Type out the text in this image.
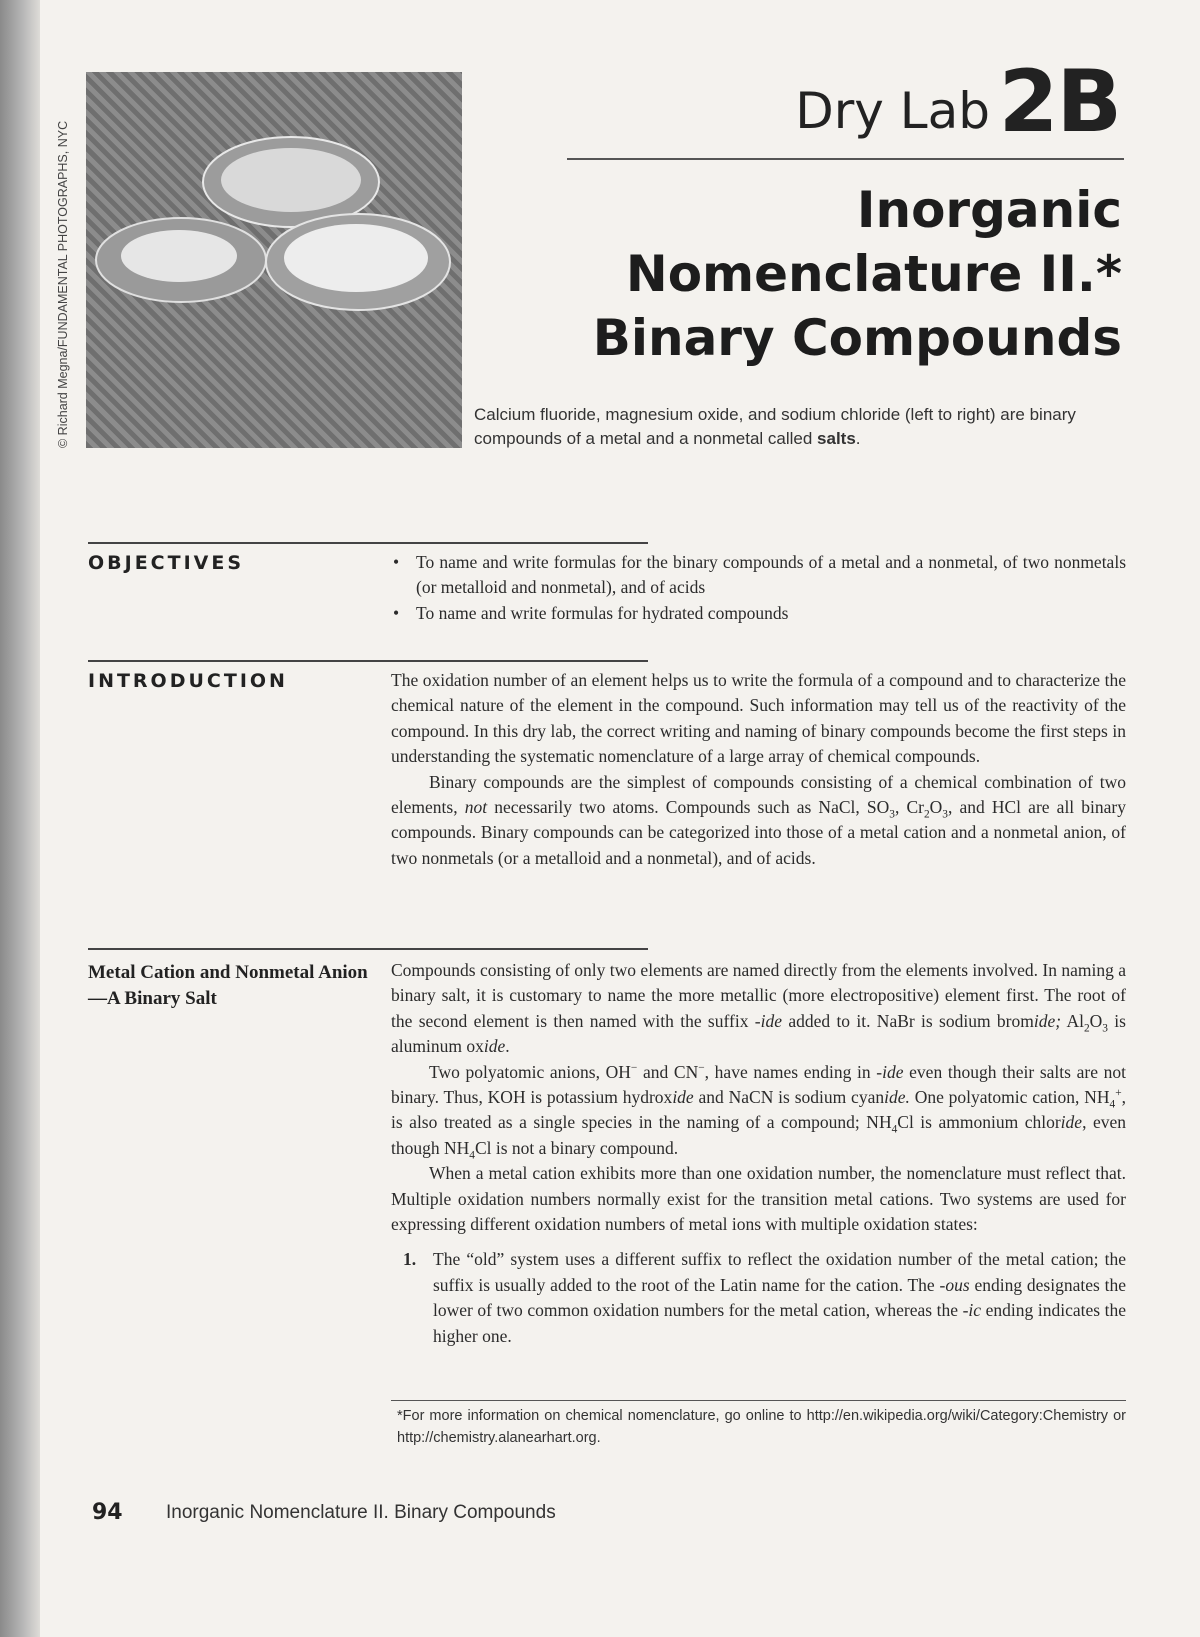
© Richard Megna/FUNDAMENTAL PHOTOGRAPHS, NYC
Dry Lab 2B
Inorganic
Nomenclature II.*
Binary Compounds
Calcium fluoride, magnesium oxide, and sodium chloride (left to right) are binary compounds of a metal and a nonmetal called salts.
OBJECTIVES	• To name and write formulas for the binary compounds of a metal and a nonmetal, of two nonmetals (or metalloid and nonmetal), and of acids
• To name and write formulas for hydrated compounds
INTRODUCTION	The oxidation number of an element helps us to write the formula of a compound and to characterize the chemical nature of the element in the compound. Such information may tell us of the reactivity of the compound. In this dry lab, the correct writing and naming of binary compounds become the first steps in understanding the systematic nomenclature of a large array of chemical compounds.

Binary compounds are the simplest of compounds consisting of a chemical combination of two elements, not necessarily two atoms. Compounds such as NaCl, $SO_3$, $Cr_2O_3$, and HCl are all binary compounds. Binary compounds can be categorized into those of a metal cation and a nonmetal anion, of two nonmetals (or a metalloid and a nonmetal), and of acids.

Metal Cation and Nonmetal Anion—A Binary Salt

Compounds consisting of only two elements are named directly from the elements involved. In naming a binary salt, it is customary to name the more metallic (more electropositive) element first. The root of the second element is then named with the suffix -ide added to it. NaBr is sodium bromide; $Al_2O_3$ is aluminum oxide.

Two polyatomic anions, OH− and CN−, have names ending in -ide even though their salts are not binary. Thus, KOH is potassium hydroxide and NaCN is sodium cyanide. One polyatomic cation, $NH_4^+$, is also treated as a single species in the naming of a compound; $NH_4Cl$ is ammonium chloride, even though $NH_4Cl$ is not a binary compound.

When a metal cation exhibits more than one oxidation number, the nomenclature must reflect that. Multiple oxidation numbers normally exist for the transition metal cations. Two systems are used for expressing different oxidation numbers of metal ions with multiple oxidation states:

1. The “old” system uses a different suffix to reflect the oxidation number of the metal cation; the suffix is usually added to the root of the Latin name for the cation. The -ous ending designates the lower of two common oxidation numbers for the metal cation, whereas the -ic ending indicates the higher one.
*For more information on chemical nomenclature, go online to http://en.wikipedia.org/wiki/Category:Chemistry or http://chemistry.alanearhart.org.
94 Inorganic Nomenclature II. Binary Compounds
